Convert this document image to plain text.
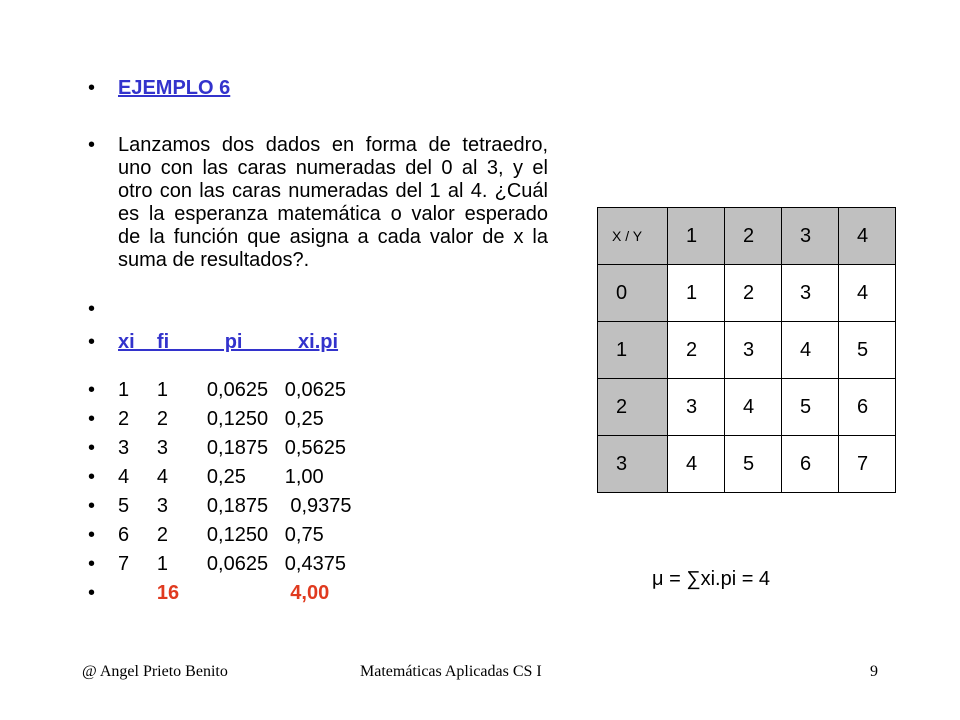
•	EJEMPLO 6
•	Lanzamos dos dados en forma de tetraedro, uno con las caras numeradas del 0 al 3, y el otro con las caras numeradas del 1 al 4. ¿Cuál es la esperanza matemática o valor esperado de la función que asigna a cada valor de x la suma de resultados?.
•
•	xi    fi          pi          xi.pi
•	1     1       0,0625   0,0625
•	2     2       0,1250   0,25
•	3     3       0,1875   0,5625
•	4     4       0,25       1,00
•	5     3       0,1875    0,9375
•	6     2       0,1250   0,75
•	7     1       0,0625   0,4375
•	16                    4,00
X / Y	1	2	3	4
0	1	2	3	4
1	2	3	4	5
2	3	4	5	6
3	4	5	6	7
μ = ∑xi.pi = 4
@ Angel Prieto Benito	Matemáticas Aplicadas CS I	9
